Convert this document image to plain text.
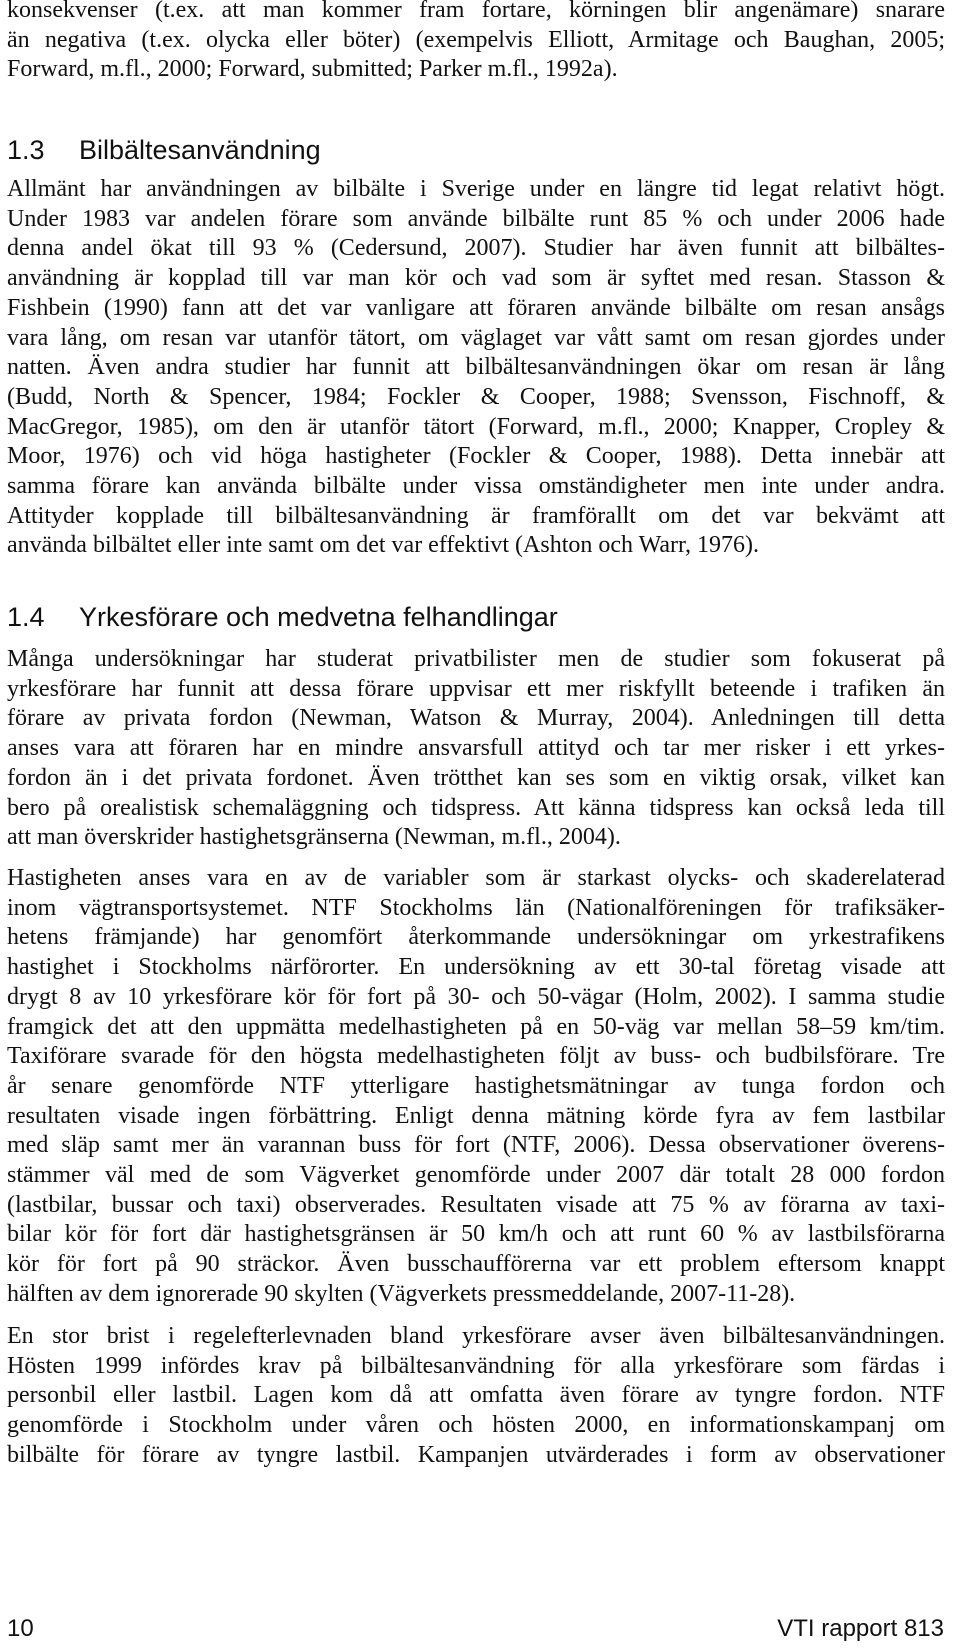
konsekvenser (t.ex. att man kommer fram fortare, körningen blir angenämare) snarare
än negativa (t.ex. olycka eller böter) (exempelvis Elliott, Armitage och Baughan, 2005;
Forward, m.fl., 2000; Forward, submitted; Parker m.fl., 1992a).
1.3 Bilbältesanvändning
Allmänt har användningen av bilbälte i Sverige under en längre tid legat relativt högt.
Under 1983 var andelen förare som använde bilbälte runt 85 % och under 2006 hade
denna andel ökat till 93 % (Cedersund, 2007). Studier har även funnit att bilbältes-
användning är kopplad till var man kör och vad som är syftet med resan. Stasson &
Fishbein (1990) fann att det var vanligare att föraren använde bilbälte om resan ansågs
vara lång, om resan var utanför tätort, om väglaget var vått samt om resan gjordes under
natten. Även andra studier har funnit att bilbältesanvändningen ökar om resan är lång
(Budd, North & Spencer, 1984; Fockler & Cooper, 1988; Svensson, Fischnoff, &
MacGregor, 1985), om den är utanför tätort (Forward, m.fl., 2000; Knapper, Cropley &
Moor, 1976) och vid höga hastigheter (Fockler & Cooper, 1988). Detta innebär att
samma förare kan använda bilbälte under vissa omständigheter men inte under andra.
Attityder kopplade till bilbältesanvändning är framförallt om det var bekvämt att
använda bilbältet eller inte samt om det var effektivt (Ashton och Warr, 1976).
1.4 Yrkesförare och medvetna felhandlingar
Många undersökningar har studerat privatbilister men de studier som fokuserat på
yrkesförare har funnit att dessa förare uppvisar ett mer riskfyllt beteende i trafiken än
förare av privata fordon (Newman, Watson & Murray, 2004). Anledningen till detta
anses vara att föraren har en mindre ansvarsfull attityd och tar mer risker i ett yrkes-
fordon än i det privata fordonet. Även trötthet kan ses som en viktig orsak, vilket kan
bero på orealistisk schemaläggning och tidspress. Att känna tidspress kan också leda till
att man överskrider hastighetsgränserna (Newman, m.fl., 2004).
Hastigheten anses vara en av de variabler som är starkast olycks- och skaderelaterad
inom vägtransportsystemet. NTF Stockholms län (Nationalföreningen för trafiksäker-
hetens främjande) har genomfört återkommande undersökningar om yrkestrafikens
hastighet i Stockholms närförorter. En undersökning av ett 30-tal företag visade att
drygt 8 av 10 yrkesförare kör för fort på 30- och 50-vägar (Holm, 2002). I samma studie
framgick det att den uppmätta medelhastigheten på en 50-väg var mellan 58–59 km/tim.
Taxiförare svarade för den högsta medelhastigheten följt av buss- och budbilsförare. Tre
år senare genomförde NTF ytterligare hastighetsmätningar av tunga fordon och
resultaten visade ingen förbättring. Enligt denna mätning körde fyra av fem lastbilar
med släp samt mer än varannan buss för fort (NTF, 2006). Dessa observationer överens-
stämmer väl med de som Vägverket genomförde under 2007 där totalt 28 000 fordon
(lastbilar, bussar och taxi) observerades. Resultaten visade att 75 % av förarna av taxi-
bilar kör för fort där hastighetsgränsen är 50 km/h och att runt 60 % av lastbilsförarna
kör för fort på 90 sträckor. Även busschaufförerna var ett problem eftersom knappt
hälften av dem ignorerade 90 skylten (Vägverkets pressmeddelande, 2007-11-28).
En stor brist i regelefterlevnaden bland yrkesförare avser även bilbältesanvändningen.
Hösten 1999 infördes krav på bilbältesanvändning för alla yrkesförare som färdas i
personbil eller lastbil. Lagen kom då att omfatta även förare av tyngre fordon. NTF
genomförde i Stockholm under våren och hösten 2000, en informationskampanj om
bilbälte för förare av tyngre lastbil. Kampanjen utvärderades i form av observationer
10	VTI rapport 813
